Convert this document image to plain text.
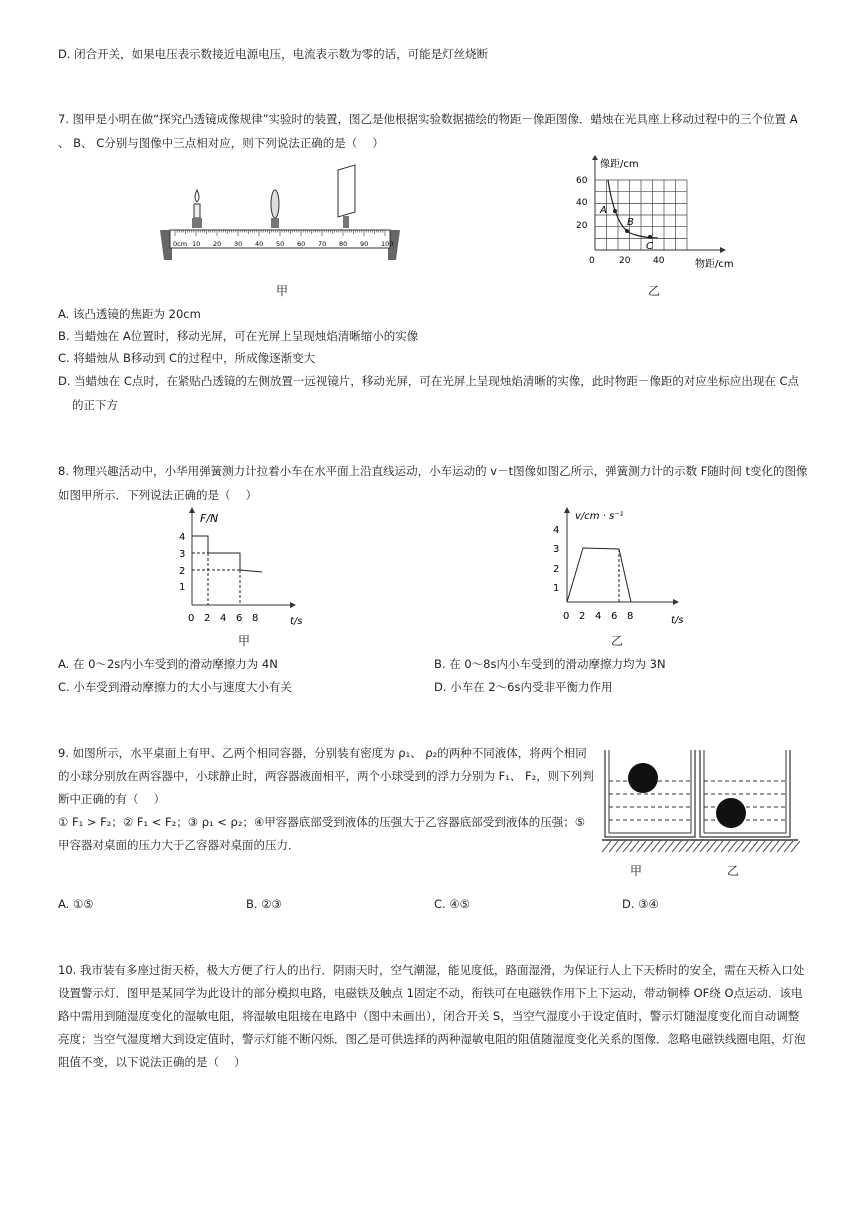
D. 闭合开关，如果电压表示数接近电源电压，电流表示数为零的话，可能是灯丝烧断
7. 图甲是小明在做“探究凸透镜成像规律”实验时的装置，图乙是他根据实验数据描绘的物距－像距图像．蜡烛在光具座上移动过程中的三个位置 A
、 B、 C分别与图像中三点相对应，则下列说法正确的是（　 ）
0cm 10 20 30 40 50 60 70 80 90 100
甲
像距/cm
物距/cm
60
40
20
0	20	40
A
B
C
乙
A. 该凸透镜的焦距为 20cm
B. 当蜡烛在 A位置时，移动光屏，可在光屏上呈现烛焰清晰缩小的实像
C. 将蜡烛从 B移动到 C的过程中，所成像逐渐变大
D. 当蜡烛在 C点时，在紧贴凸透镜的左侧放置一远视镜片，移动光屏，可在光屏上呈现烛焰清晰的实像，此时物距－像距的对应坐标应出现在 C点
的正下方
8. 物理兴趣活动中，小华用弹簧测力计拉着小车在水平面上沿直线运动，小车运动的 v－t图像如图乙所示，弹簧测力计的示数 F随时间 t变化的图像
如图甲所示．下列说法正确的是（　 ）
F/N
t/s
4
3
2
1
0 2 4 6 8
甲
v/cm · s⁻¹
t/s
4
3
2
1
0 2 4 6 8
乙
A. 在 0～2s内小车受到的滑动摩擦力为 4N	B. 在 0～8s内小车受到的滑动摩擦力均为 3N
C. 小车受到滑动摩擦力的大小与速度大小有关	D. 小车在 2～6s内受非平衡力作用
9. 如图所示，水平桌面上有甲、乙两个相同容器，分别装有密度为 ρ₁、 ρ₂的两种不同液体，将两个相同的小球分别放在两容器中，小球静止时，两容器液面相平，两个小球受到的浮力分别为 F₁、 F₂，则下列判断中正确的有（　 ）
① F₁ > F₂；② F₁ < F₂；③ ρ₁ < ρ₂；④甲容器底部受到液体的压强大于乙容器底部受到液体的压强；⑤甲容器对桌面的压力大于乙容器对桌面的压力．
甲	乙
A. ①⑤	B. ②③	C. ④⑤	D. ③④
10. 我市装有多座过街天桥，极大方便了行人的出行．阴雨天时，空气潮湿，能见度低，路面湿滑，为保证行人上下天桥时的安全，需在天桥入口处设置警示灯．图甲是某同学为此设计的部分模拟电路，电磁铁及触点 1固定不动，衔铁可在电磁铁作用下上下运动，带动铜棒 OF绕 O点运动．该电路中需用到随湿度变化的湿敏电阻，将湿敏电阻接在电路中（图中未画出），闭合开关 S，当空气湿度小于设定值时，警示灯随湿度变化而自动调整亮度；当空气湿度增大到设定值时，警示灯能不断闪烁．图乙是可供选择的两种湿敏电阻的阻值随湿度变化关系的图像．忽略电磁铁线圈电阻，灯泡阻值不变，以下说法正确的是（　 ）
